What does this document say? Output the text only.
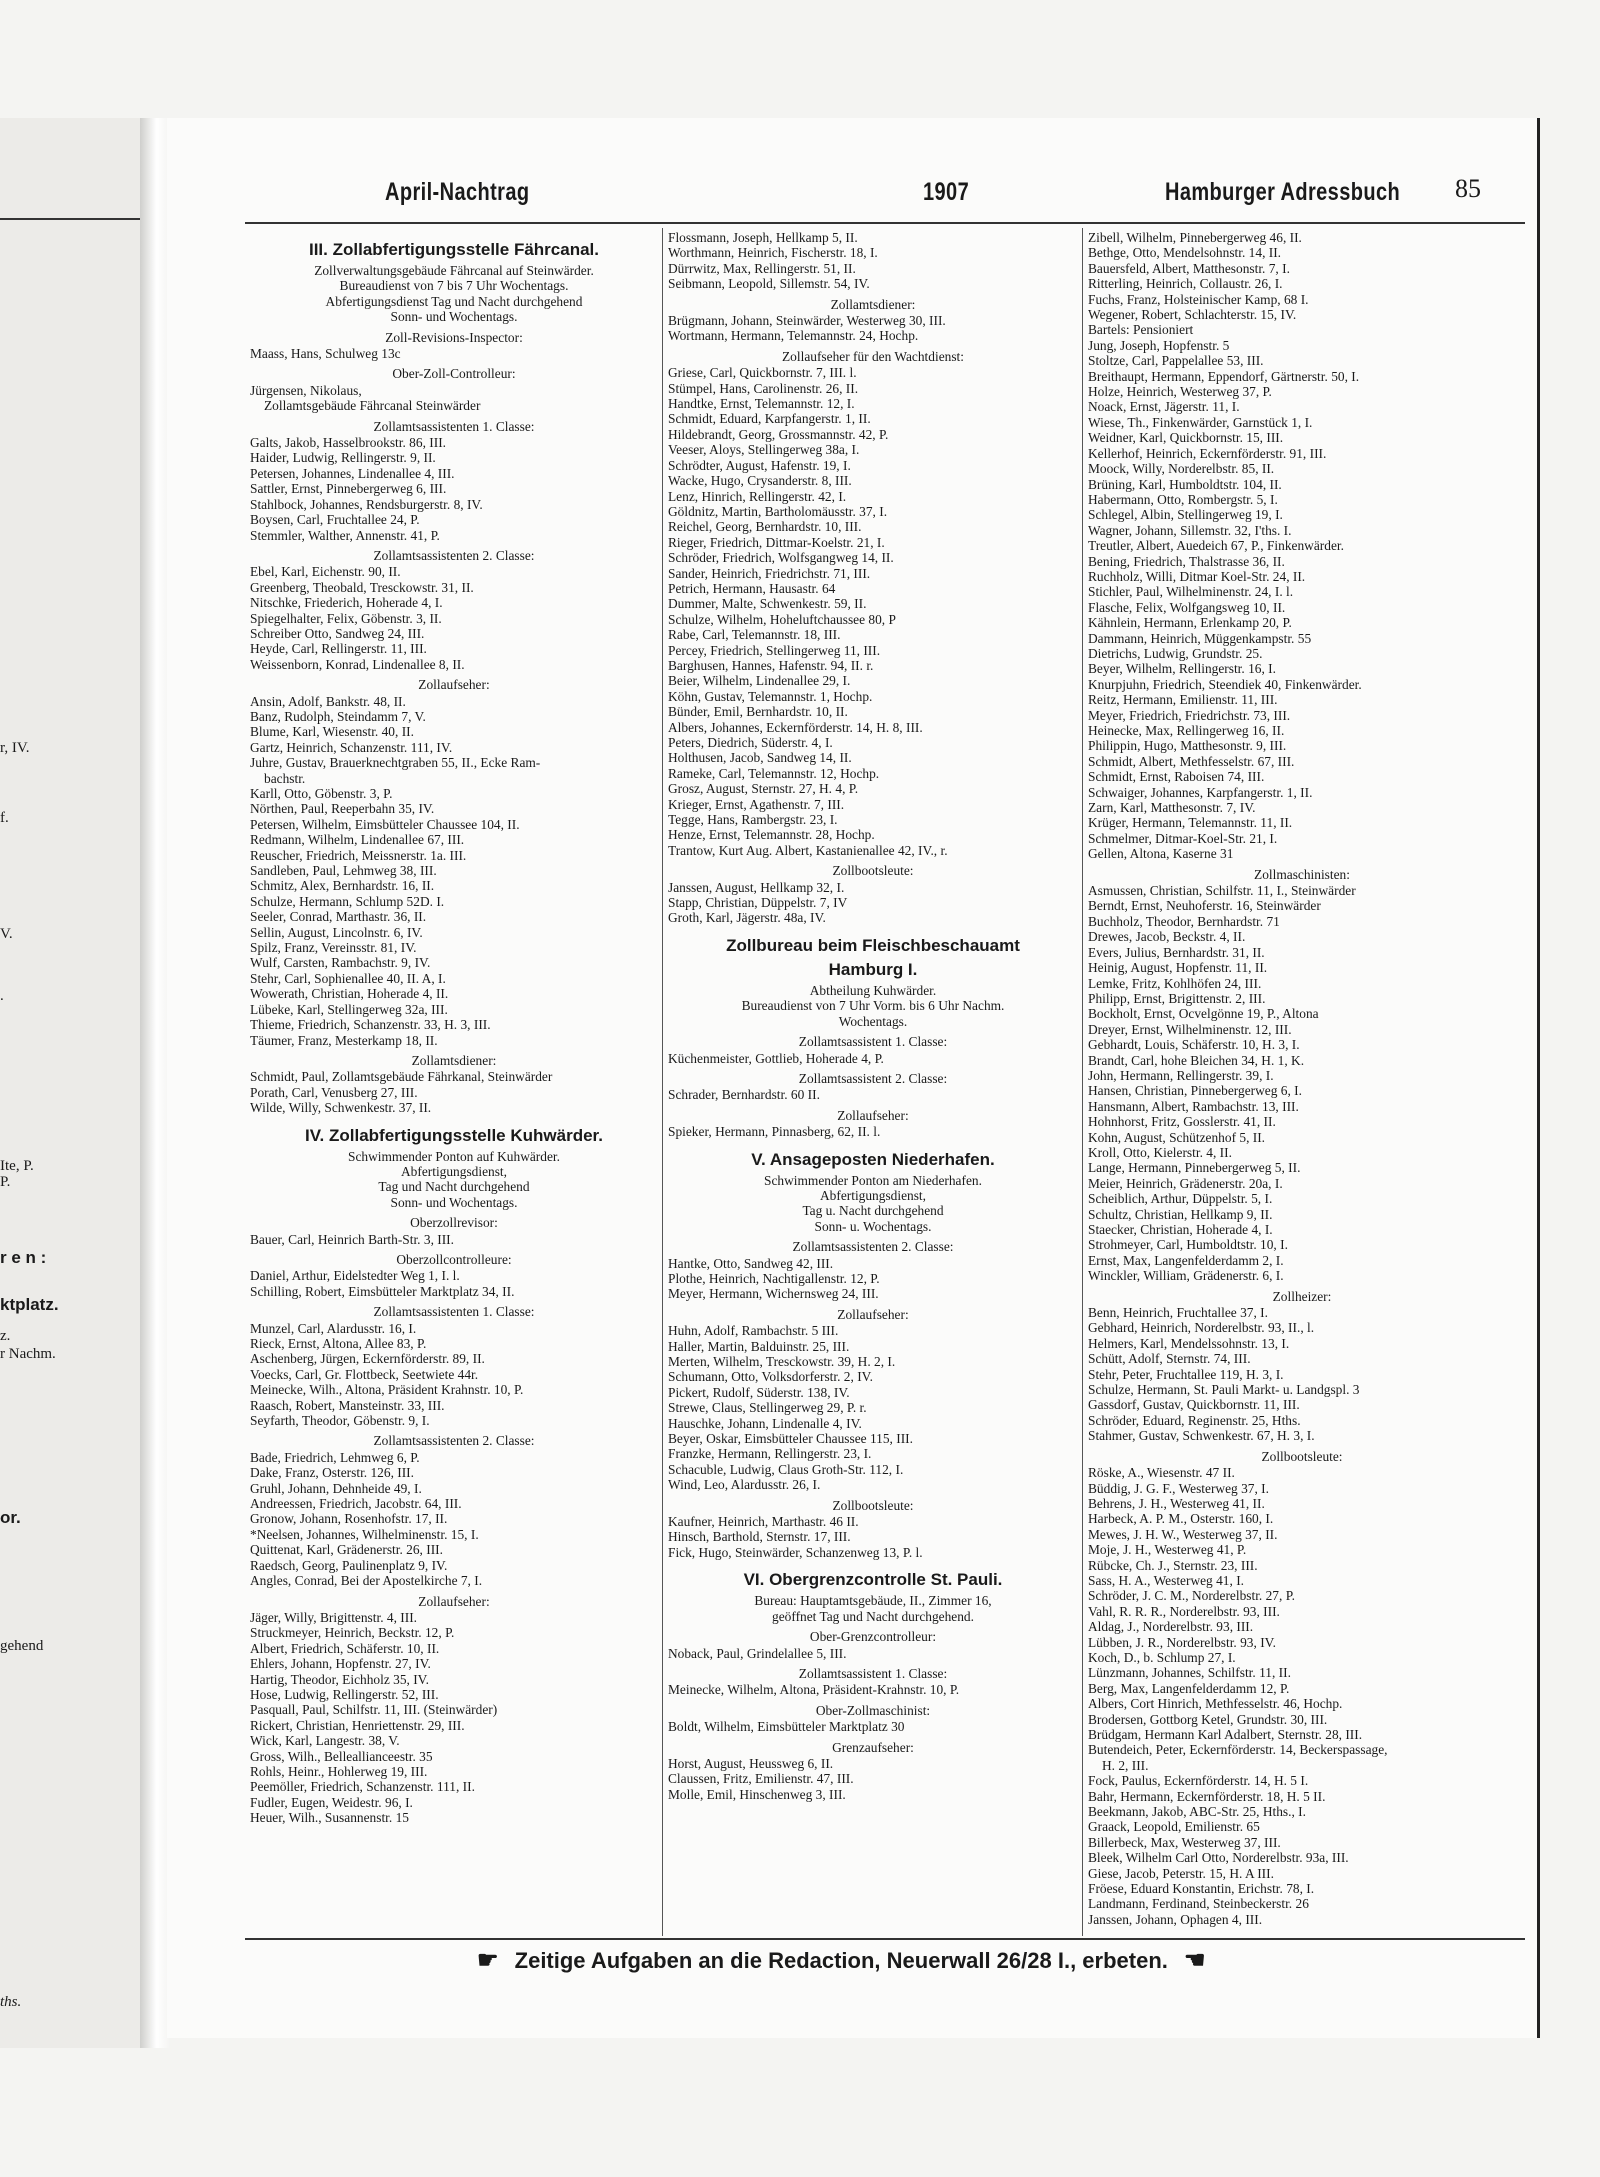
r, IV.
f.
V.
.
Ite, P.
P.
r e n :
ktplatz.
z.
r Nachm.
or.
gehend
ths.
April-Nachtrag	1907	Hamburger Adressbuch 85
III. Zollabfertigungsstelle Fährcanal.
Zollverwaltungsgebäude Fährcanal auf Steinwärder.
Bureaudienst von 7 bis 7 Uhr Wochentags.
Abfertigungsdienst Tag und Nacht durchgehend
Sonn- und Wochentags.
Zoll-Revisions-Inspector:
Maass, Hans, Schulweg 13c
Ober-Zoll-Controlleur:
Jürgensen, Nikolaus,
Zollamtsgebäude Fährcanal Steinwärder
Zollamtsassistenten 1. Classe:
Galts, Jakob, Hasselbrookstr. 86, III.
Haider, Ludwig, Rellingerstr. 9, II.
Petersen, Johannes, Lindenallee 4, III.
Sattler, Ernst, Pinnebergerweg 6, III.
Stahlbock, Johannes, Rendsburgerstr. 8, IV.
Boysen, Carl, Fruchtallee 24, P.
Stemmler, Walther, Annenstr. 41, P.
Zollamtsassistenten 2. Classe:
Ebel, Karl, Eichenstr. 90, II.
Greenberg, Theobald, Tresckowstr. 31, II.
Nitschke, Friederich, Hoherade 4, I.
Spiegelhalter, Felix, Göbenstr. 3, II.
Schreiber Otto, Sandweg 24, III.
Heyde, Carl, Rellingerstr. 11, III.
Weissenborn, Konrad, Lindenallee 8, II.
Zollaufseher:
Ansin, Adolf, Bankstr. 48, II.
Banz, Rudolph, Steindamm 7, V.
Blume, Karl, Wiesenstr. 40, II.
Gartz, Heinrich, Schanzenstr. 111, IV.
Juhre, Gustav, Brauerknechtgraben 55, II., Ecke Ram-
bachstr.
Karll, Otto, Göbenstr. 3, P.
Nörthen, Paul, Reeperbahn 35, IV.
Petersen, Wilhelm, Eimsbütteler Chaussee 104, II.
Redmann, Wilhelm, Lindenallee 67, III.
Reuscher, Friedrich, Meissnerstr. 1a. III.
Sandleben, Paul, Lehmweg 38, III.
Schmitz, Alex, Bernhardstr. 16, II.
Schulze, Hermann, Schlump 52D. I.
Seeler, Conrad, Marthastr. 36, II.
Sellin, August, Lincolnstr. 6, IV.
Spilz, Franz, Vereinsstr. 81, IV.
Wulf, Carsten, Rambachstr. 9, IV.
Stehr, Carl, Sophienallee 40, II. A, I.
Wowerath, Christian, Hoherade 4, II.
Lübeke, Karl, Stellingerweg 32a, III.
Thieme, Friedrich, Schanzenstr. 33, H. 3, III.
Täumer, Franz, Mesterkamp 18, II.
Zollamtsdiener:
Schmidt, Paul, Zollamtsgebäude Fährkanal, Steinwärder
Porath, Carl, Venusberg 27, III.
Wilde, Willy, Schwenkestr. 37, II.
IV. Zollabfertigungsstelle Kuhwärder.
Schwimmender Ponton auf Kuhwärder.
Abfertigungsdienst,
Tag und Nacht durchgehend
Sonn- und Wochentags.
Oberzollrevisor:
Bauer, Carl, Heinrich Barth-Str. 3, III.
Oberzollcontrolleure:
Daniel, Arthur, Eidelstedter Weg 1, I. l.
Schilling, Robert, Eimsbütteler Marktplatz 34, II.
Zollamtsassistenten 1. Classe:
Munzel, Carl, Alardusstr. 16, I.
Rieck, Ernst, Altona, Allee 83, P.
Aschenberg, Jürgen, Eckernförderstr. 89, II.
Voecks, Carl, Gr. Flottbeck, Seetwiete 44r.
Meinecke, Wilh., Altona, Präsident Krahnstr. 10, P.
Raasch, Robert, Mansteinstr. 33, III.
Seyfarth, Theodor, Göbenstr. 9, I.
Zollamtsassistenten 2. Classe:
Bade, Friedrich, Lehmweg 6, P.
Dake, Franz, Osterstr. 126, III.
Gruhl, Johann, Dehnheide 49, I.
Andreessen, Friedrich, Jacobstr. 64, III.
Gronow, Johann, Rosenhofstr. 17, II.
*Neelsen, Johannes, Wilhelminenstr. 15, I.
Quittenat, Karl, Grädenerstr. 26, III.
Raedsch, Georg, Paulinenplatz 9, IV.
Angles, Conrad, Bei der Apostelkirche 7, I.
Zollaufseher:
Jäger, Willy, Brigittenstr. 4, III.
Struckmeyer, Heinrich, Beckstr. 12, P.
Albert, Friedrich, Schäferstr. 10, II.
Ehlers, Johann, Hopfenstr. 27, IV.
Hartig, Theodor, Eichholz 35, IV.
Hose, Ludwig, Rellingerstr. 52, III.
Pasquall, Paul, Schilfstr. 11, III. (Steinwärder)
Rickert, Christian, Henriettenstr. 29, III.
Wick, Karl, Langestr. 38, V.
Gross, Wilh., Belleallianceestr. 35
Rohls, Heinr., Hohlerweg 19, III.
Peemöller, Friedrich, Schanzenstr. 111, II.
Fudler, Eugen, Weidestr. 96, I.
Heuer, Wilh., Susannenstr. 15
Flossmann, Joseph, Hellkamp 5, II.
Worthmann, Heinrich, Fischerstr. 18, I.
Dürrwitz, Max, Rellingerstr. 51, II.
Seibmann, Leopold, Sillemstr. 54, IV.
Zollamtsdiener:
Brügmann, Johann, Steinwärder, Westerweg 30, III.
Wortmann, Hermann, Telemannstr. 24, Hochp.
Zollaufseher für den Wachtdienst:
Griese, Carl, Quickbornstr. 7, III. l.
Stümpel, Hans, Carolinenstr. 26, II.
Handtke, Ernst, Telemannstr. 12, I.
Schmidt, Eduard, Karpfangerstr. 1, II.
Hildebrandt, Georg, Grossmannstr. 42, P.
Veeser, Aloys, Stellingerweg 38a, I.
Schrödter, August, Hafenstr. 19, I.
Wacke, Hugo, Crysanderstr. 8, III.
Lenz, Hinrich, Rellingerstr. 42, I.
Göldnitz, Martin, Bartholomäusstr. 37, I.
Reichel, Georg, Bernhardstr. 10, III.
Rieger, Friedrich, Dittmar-Koelstr. 21, I.
Schröder, Friedrich, Wolfsgangweg 14, II.
Sander, Heinrich, Friedrichstr. 71, III.
Petrich, Hermann, Hausastr. 64
Dummer, Malte, Schwenkestr. 59, II.
Schulze, Wilhelm, Hoheluftchaussee 80, P
Rabe, Carl, Telemannstr. 18, III.
Percey, Friedrich, Stellingerweg 11, III.
Barghusen, Hannes, Hafenstr. 94, II. r.
Beier, Wilhelm, Lindenallee 29, I.
Köhn, Gustav, Telemannstr. 1, Hochp.
Bünder, Emil, Bernhardstr. 10, II.
Albers, Johannes, Eckernförderstr. 14, H. 8, III.
Peters, Diedrich, Süderstr. 4, I.
Holthusen, Jacob, Sandweg 14, II.
Rameke, Carl, Telemannstr. 12, Hochp.
Grosz, August, Sternstr. 27, H. 4, P.
Krieger, Ernst, Agathenstr. 7, III.
Tegge, Hans, Rambergstr. 23, I.
Henze, Ernst, Telemannstr. 28, Hochp.
Trantow, Kurt Aug. Albert, Kastanienallee 42, IV., r.
Zollbootsleute:
Janssen, August, Hellkamp 32, I.
Stapp, Christian, Düppelstr. 7, IV
Groth, Karl, Jägerstr. 48a, IV.
Zollbureau beim Fleischbeschauamt
Hamburg I.
Abtheilung Kuhwärder.
Bureaudienst von 7 Uhr Vorm. bis 6 Uhr Nachm.
Wochentags.
Zollamtsassistent 1. Classe:
Küchenmeister, Gottlieb, Hoherade 4, P.
Zollamtsassistent 2. Classe:
Schrader, Bernhardstr. 60 II.
Zollaufseher:
Spieker, Hermann, Pinnasberg, 62, II. l.
V. Ansageposten Niederhafen.
Schwimmender Ponton am Niederhafen.
Abfertigungsdienst,
Tag u. Nacht durchgehend
Sonn- u. Wochentags.
Zollamtsassistenten 2. Classe:
Hantke, Otto, Sandweg 42, III.
Plothe, Heinrich, Nachtigallenstr. 12, P.
Meyer, Hermann, Wichernsweg 24, III.
Zollaufseher:
Huhn, Adolf, Rambachstr. 5 III.
Haller, Martin, Balduinstr. 25, III.
Merten, Wilhelm, Tresckowstr. 39, H. 2, I.
Schumann, Otto, Volksdorferstr. 2, IV.
Pickert, Rudolf, Süderstr. 138, IV.
Strewe, Claus, Stellingerweg 29, P. r.
Hauschke, Johann, Lindenalle 4, IV.
Beyer, Oskar, Eimsbütteler Chaussee 115, III.
Franzke, Hermann, Rellingerstr. 23, I.
Schacuble, Ludwig, Claus Groth-Str. 112, I.
Wind, Leo, Alardusstr. 26, I.
Zollbootsleute:
Kaufner, Heinrich, Marthastr. 46 II.
Hinsch, Barthold, Sternstr. 17, III.
Fick, Hugo, Steinwärder, Schanzenweg 13, P. l.
VI. Obergrenzcontrolle St. Pauli.
Bureau: Hauptamtsgebäude, II., Zimmer 16,
geöffnet Tag und Nacht durchgehend.
Ober-Grenzcontrolleur:
Noback, Paul, Grindelallee 5, III.
Zollamtsassistent 1. Classe:
Meinecke, Wilhelm, Altona, Präsident-Krahnstr. 10, P.
Ober-Zollmaschinist:
Boldt, Wilhelm, Eimsbütteler Marktplatz 30
Grenzaufseher:
Horst, August, Heussweg 6, II.
Claussen, Fritz, Emilienstr. 47, III.
Molle, Emil, Hinschenweg 3, III.
Zibell, Wilhelm, Pinnebergerweg 46, II.
Bethge, Otto, Mendelsohnstr. 14, II.
Bauersfeld, Albert, Matthesonstr. 7, I.
Ritterling, Heinrich, Collaustr. 26, I.
Fuchs, Franz, Holsteinischer Kamp, 68 I.
Wegener, Robert, Schlachterstr. 15, IV.
Bartels: Pensioniert
Jung, Joseph, Hopfenstr. 5
Stoltze, Carl, Pappelallee 53, III.
Breithaupt, Hermann, Eppendorf, Gärtnerstr. 50, I.
Holze, Heinrich, Westerweg 37, P.
Noack, Ernst, Jägerstr. 11, I.
Wiese, Th., Finkenwärder, Garnstück 1, I.
Weidner, Karl, Quickbornstr. 15, III.
Kellerhof, Heinrich, Eckernförderstr. 91, III.
Moock, Willy, Norderelbstr. 85, II.
Brüning, Karl, Humboldtstr. 104, II.
Habermann, Otto, Rombergstr. 5, I.
Schlegel, Albin, Stellingerweg 19, I.
Wagner, Johann, Sillemstr. 32, I'ths. I.
Treutler, Albert, Auedeich 67, P., Finkenwärder.
Bening, Friedrich, Thalstrasse 36, II.
Ruchholz, Willi, Ditmar Koel-Str. 24, II.
Stichler, Paul, Wilhelminenstr. 24, I. l.
Flasche, Felix, Wolfgangsweg 10, II.
Kähnlein, Hermann, Erlenkamp 20, P.
Dammann, Heinrich, Müggenkampstr. 55
Dietrichs, Ludwig, Grundstr. 25.
Beyer, Wilhelm, Rellingerstr. 16, I.
Knurpjuhn, Friedrich, Steendiek 40, Finkenwärder.
Reitz, Hermann, Emilienstr. 11, III.
Meyer, Friedrich, Friedrichstr. 73, III.
Heinecke, Max, Rellingerweg 16, II.
Philippin, Hugo, Matthesonstr. 9, III.
Schmidt, Albert, Methfesselstr. 67, III.
Schmidt, Ernst, Raboisen 74, III.
Schwaiger, Johannes, Karpfangerstr. 1, II.
Zarn, Karl, Matthesonstr. 7, IV.
Krüger, Hermann, Telemannstr. 11, II.
Schmelmer, Ditmar-Koel-Str. 21, I.
Gellen, Altona, Kaserne 31
Zollmaschinisten:
Asmussen, Christian, Schilfstr. 11, I., Steinwärder
Berndt, Ernst, Neuhoferstr. 16, Steinwärder
Buchholz, Theodor, Bernhardstr. 71
Drewes, Jacob, Beckstr. 4, II.
Evers, Julius, Bernhardstr. 31, II.
Heinig, August, Hopfenstr. 11, II.
Lemke, Fritz, Kohlhöfen 24, III.
Philipp, Ernst, Brigittenstr. 2, III.
Bockholt, Ernst, Ocvelgönne 19, P., Altona
Dreyer, Ernst, Wilhelminenstr. 12, III.
Gebhardt, Louis, Schäferstr. 10, H. 3, I.
Brandt, Carl, hohe Bleichen 34, H. 1, K.
John, Hermann, Rellingerstr. 39, I.
Hansen, Christian, Pinnebergerweg 6, I.
Hansmann, Albert, Rambachstr. 13, III.
Hohnhorst, Fritz, Gosslerstr. 41, II.
Kohn, August, Schützenhof 5, II.
Kroll, Otto, Kielerstr. 4, II.
Lange, Hermann, Pinnebergerweg 5, II.
Meier, Heinrich, Grädenerstr. 20a, I.
Scheiblich, Arthur, Düppelstr. 5, I.
Schultz, Christian, Hellkamp 9, II.
Staecker, Christian, Hoherade 4, I.
Strohmeyer, Carl, Humboldtstr. 10, I.
Ernst, Max, Langenfelderdamm 2, I.
Winckler, William, Grädenerstr. 6, I.
Zollheizer:
Benn, Heinrich, Fruchtallee 37, I.
Gebhard, Heinrich, Norderelbstr. 93, II., l.
Helmers, Karl, Mendelssohnstr. 13, I.
Schütt, Adolf, Sternstr. 74, III.
Stehr, Peter, Fruchtallee 119, H. 3, I.
Schulze, Hermann, St. Pauli Markt- u. Landgspl. 3
Gassdorf, Gustav, Quickbornstr. 11, III.
Schröder, Eduard, Reginenstr. 25, Hths.
Stahmer, Gustav, Schwenkestr. 67, H. 3, I.
Zollbootsleute:
Röske, A., Wiesenstr. 47 II.
Büddig, J. G. F., Westerweg 37, I.
Behrens, J. H., Westerweg 41, II.
Harbeck, A. P. M., Osterstr. 160, I.
Mewes, J. H. W., Westerweg 37, II.
Moje, J. H., Westerweg 41, P.
Rübcke, Ch. J., Sternstr. 23, III.
Sass, H. A., Westerweg 41, I.
Schröder, J. C. M., Norderelbstr. 27, P.
Vahl, R. R. R., Norderelbstr. 93, III.
Aldag, J., Norderelbstr. 93, III.
Lübben, J. R., Norderelbstr. 93, IV.
Koch, D., b. Schlump 27, I.
Lünzmann, Johannes, Schilfstr. 11, II.
Berg, Max, Langenfelderdamm 12, P.
Albers, Cort Hinrich, Methfesselstr. 46, Hochp.
Brodersen, Gottborg Ketel, Grundstr. 30, III.
Brüdgam, Hermann Karl Adalbert, Sternstr. 28, III.
Butendeich, Peter, Eckernförderstr. 14, Beckerspassage,
H. 2, III.
Fock, Paulus, Eckernförderstr. 14, H. 5 I.
Bahr, Hermann, Eckernförderstr. 18, H. 5 II.
Beekmann, Jakob, ABC-Str. 25, Hths., I.
Graack, Leopold, Emilienstr. 65
Billerbeck, Max, Westerweg 37, III.
Bleek, Wilhelm Carl Otto, Norderelbstr. 93a, III.
Giese, Jacob, Peterstr. 15, H. A III.
Fröese, Eduard Konstantin, Erichstr. 78, I.
Landmann, Ferdinand, Steinbeckerstr. 26
Janssen, Johann, Ophagen 4, III.
☛ Zeitige Aufgaben an die Redaction, Neuerwall 26/28 I., erbeten. ☚
